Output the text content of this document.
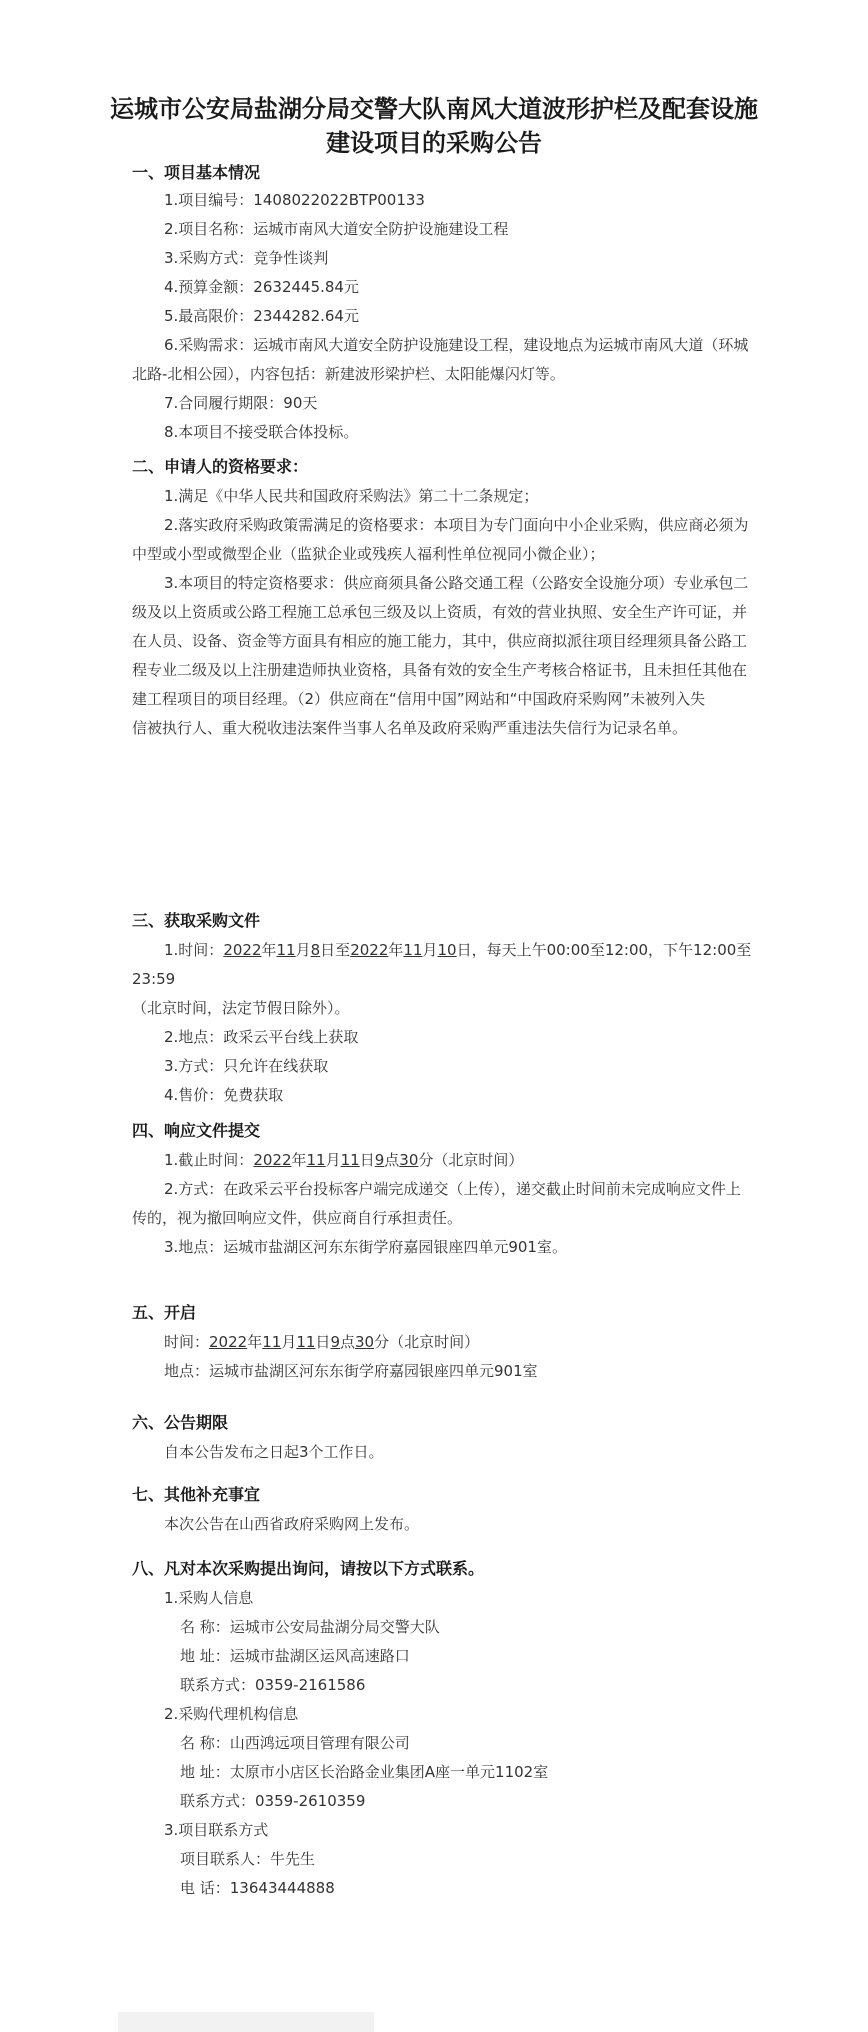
运城市公安局盐湖分局交警大队南风大道波形护栏及配套设施
建设项目的采购公告

一、项目基本情况

1.项目编号：1408022022BTP00133

2.项目名称：运城市南风大道安全防护设施建设工程

3.采购方式：竞争性谈判

4.预算金额：2632445.84元

5.最高限价：2344282.64元

6.采购需求：运城市南风大道安全防护设施建设工程，建设地点为运城市南风大道（环城

北路-北相公园），内容包括：新建波形梁护栏、太阳能爆闪灯等。

7.合同履行期限：90天

8.本项目不接受联合体投标。

二、申请人的资格要求：

1.满足《中华人民共和国政府采购法》第二十二条规定；

2.落实政府采购政策需满足的资格要求：本项目为专门面向中小企业采购，供应商必须为

中型或小型或微型企业（监狱企业或残疾人福利性单位视同小微企业）；

3.本项目的特定资格要求：供应商须具备公路交通工程（公路安全设施分项）专业承包二

级及以上资质或公路工程施工总承包三级及以上资质，有效的营业执照、安全生产许可证，并

在人员、设备、资金等方面具有相应的施工能力，其中，供应商拟派往项目经理须具备公路工

程专业二级及以上注册建造师执业资格，具备有效的安全生产考核合格证书，且未担任其他在

建工程项目的项目经理。（2）供应商在“信用中国”网站和“中国政府采购网”未被列入失

信被执行人、重大税收违法案件当事人名单及政府采购严重违法失信行为记录名单。

三、获取采购文件

1.时间：2022年11月8日至2022年11月10日，每天上午00:00至12:00，下午12:00至23:59

（北京时间，法定节假日除外）。

2.地点：政采云平台线上获取

3.方式：只允许在线获取

4.售价：免费获取

四、响应文件提交

1.截止时间：2022年11月11日9点30分（北京时间）

2.方式：在政采云平台投标客户端完成递交（上传），递交截止时间前未完成响应文件上

传的，视为撤回响应文件，供应商自行承担责任。

3.地点：运城市盐湖区河东东街学府嘉园银座四单元901室。

五、开启

时间：2022年11月11日9点30分（北京时间）

地点：运城市盐湖区河东东街学府嘉园银座四单元901室

六、公告期限

自本公告发布之日起3个工作日。

七、其他补充事宜

本次公告在山西省政府采购网上发布。

八、凡对本次采购提出询问，请按以下方式联系。

1.采购人信息

名 称：运城市公安局盐湖分局交警大队

地 址：运城市盐湖区运风高速路口

联系方式：0359-2161586

2.采购代理机构信息

名 称：山西鸿远项目管理有限公司

地 址：太原市小店区长治路金业集团A座一单元1102室

联系方式：0359-2610359

3.项目联系方式

项目联系人：牛先生

电 话：13643444888
